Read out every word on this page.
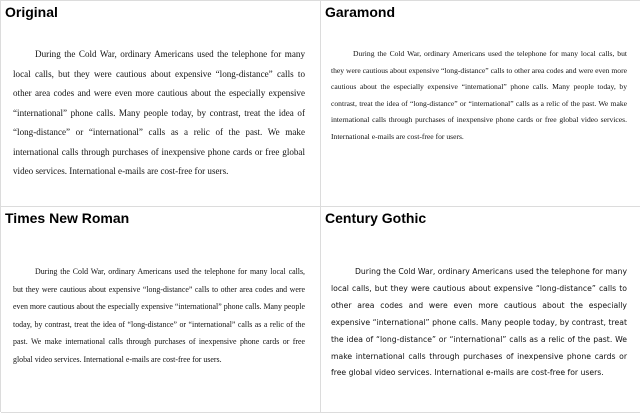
Original

During the Cold War, ordinary Americans used the telephone for many local calls, but they were cautious about expensive “long-distance” calls to other area codes and were even more cautious about the especially expensive “international” phone calls. Many people today, by contrast, treat the idea of “long-distance” or “international” calls as a relic of the past. We make international calls through purchases of inexpensive phone cards or free global video services. International e-mails are cost-free for users.

Garamond

During the Cold War, ordinary Americans used the telephone for many local calls, but they were cautious about expensive “long-distance” calls to other area codes and were even more cautious about the especially expensive “international” phone calls. Many people today, by contrast, treat the idea of “long-distance” or “international” calls as a relic of the past. We make international calls through purchases of inexpensive phone cards or free global video services. International e-mails are cost-free for users.

Times New Roman

During the Cold War, ordinary Americans used the telephone for many local calls, but they were cautious about expensive “long-distance” calls to other area codes and were even more cautious about the especially expensive “international” phone calls. Many people today, by contrast, treat the idea of “long-distance” or “international” calls as a relic of the past. We make international calls through purchases of inexpensive phone cards or free global video services. International e-mails are cost-free for users.

Century Gothic

During the Cold War, ordinary Americans used the telephone for many local calls, but they were cautious about expensive “long-distance” calls to other area codes and were even more cautious about the especially expensive “international” phone calls. Many people today, by contrast, treat the idea of “long-distance” or “international” calls as a relic of the past. We make international calls through purchases of inexpensive phone cards or free global video services. International e-mails are cost-free for users.
